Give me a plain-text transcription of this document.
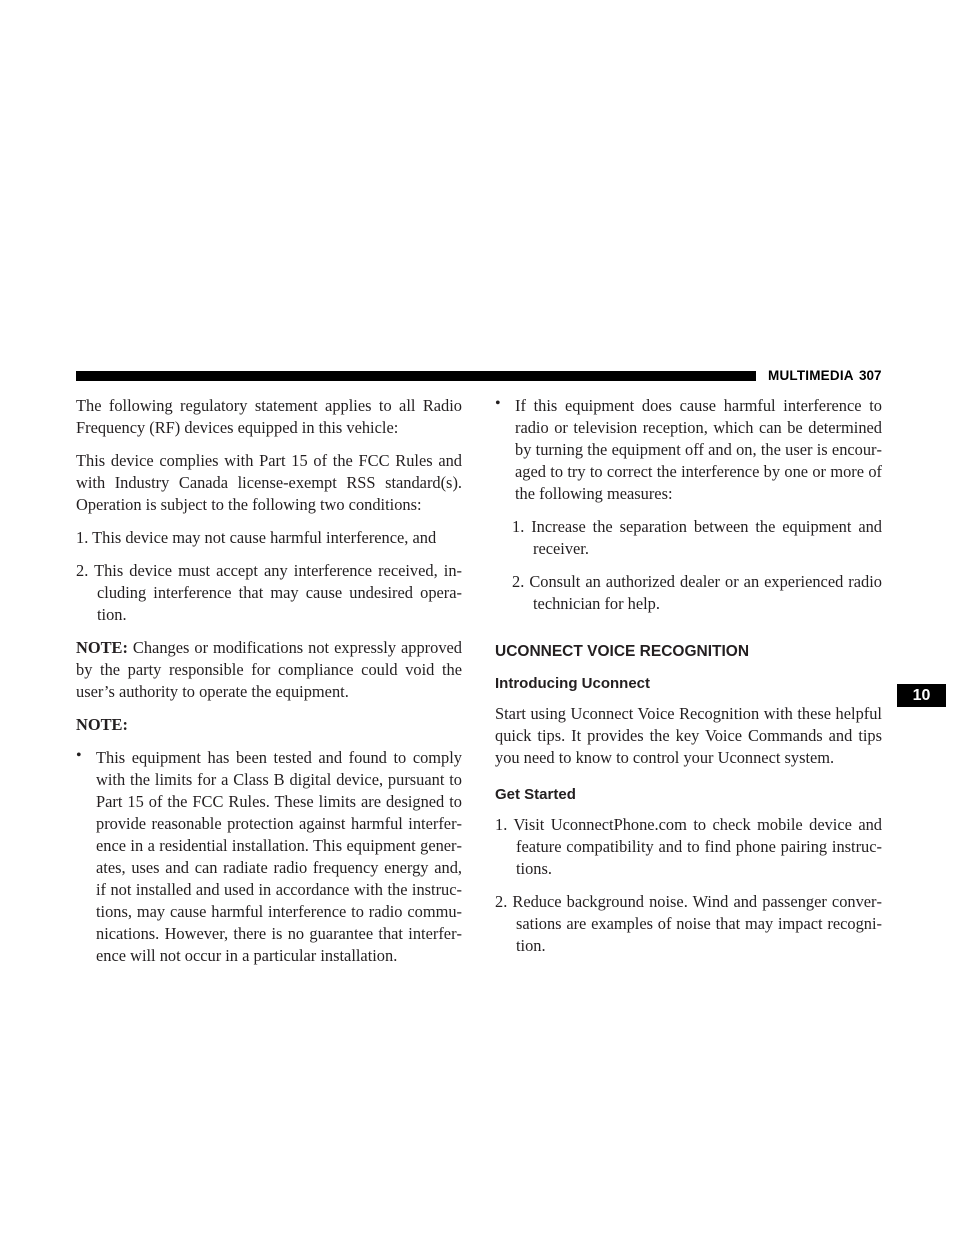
MULTIMEDIA 307
10

The following regulatory statement applies to all Radio Frequency (RF) devices equipped in this vehicle:

This device complies with Part 15 of the FCC Rules and with Industry Canada license-exempt RSS standard(s). Operation is subject to the following two conditions:

1. This device may not cause harmful interference, and

2. This device must accept any interference received, including interference that may cause undesired operation.

NOTE: Changes or modifications not expressly approved by the party responsible for compliance could void the user’s authority to operate the equipment.

NOTE:

• This equipment has been tested and found to comply with the limits for a Class B digital device, pursuant to Part 15 of the FCC Rules. These limits are designed to provide reasonable protection against harmful interference in a residential installation. This equipment generates, uses and can radiate radio frequency energy and, if not installed and used in accordance with the instructions, may cause harmful interference to radio communications. However, there is no guarantee that interference will not occur in a particular installation.

• If this equipment does cause harmful interference to radio or television reception, which can be determined by turning the equipment off and on, the user is encouraged to try to correct the interference by one or more of the following measures:

1. Increase the separation between the equipment and receiver.

2. Consult an authorized dealer or an experienced radio technician for help.

UCONNECT VOICE RECOGNITION
Introducing Uconnect

Start using Uconnect Voice Recognition with these helpful quick tips. It provides the key Voice Commands and tips you need to know to control your Uconnect system.

Get Started

1. Visit UconnectPhone.com to check mobile device and feature compatibility and to find phone pairing instructions.

2. Reduce background noise. Wind and passenger conversations are examples of noise that may impact recognition.
